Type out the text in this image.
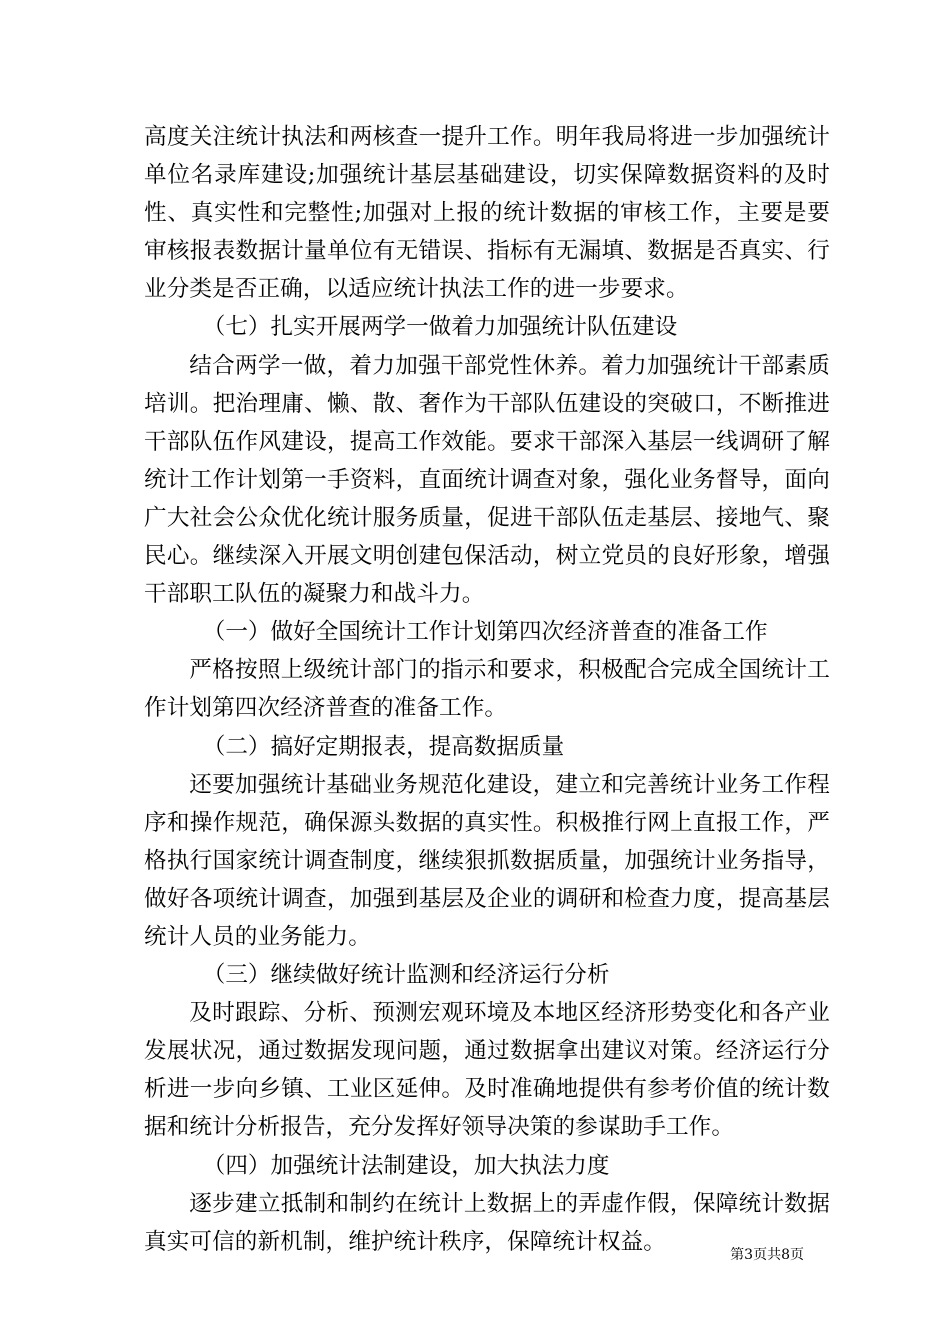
高度关注统计执法和两核查一提升工作。明年我局将进一步加强统计单位名录库建设;加强统计基层基础建设，切实保障数据资料的及时性、真实性和完整性;加强对上报的统计数据的审核工作，主要是要审核报表数据计量单位有无错误、指标有无漏填、数据是否真实、行业分类是否正确，以适应统计执法工作的进一步要求。

（七）扎实开展两学一做着力加强统计队伍建设

结合两学一做，着力加强干部党性休养。着力加强统计干部素质培训。把治理庸、懒、散、奢作为干部队伍建设的突破口，不断推进干部队伍作风建设，提高工作效能。要求干部深入基层一线调研了解统计工作计划第一手资料，直面统计调查对象，强化业务督导，面向广大社会公众优化统计服务质量，促进干部队伍走基层、接地气、聚民心。继续深入开展文明创建包保活动，树立党员的良好形象，增强干部职工队伍的凝聚力和战斗力。

（一）做好全国统计工作计划第四次经济普查的准备工作

严格按照上级统计部门的指示和要求，积极配合完成全国统计工作计划第四次经济普查的准备工作。

（二）搞好定期报表，提高数据质量

还要加强统计基础业务规范化建设，建立和完善统计业务工作程序和操作规范，确保源头数据的真实性。积极推行网上直报工作，严格执行国家统计调查制度，继续狠抓数据质量，加强统计业务指导，做好各项统计调查，加强到基层及企业的调研和检查力度，提高基层统计人员的业务能力。

（三）继续做好统计监测和经济运行分析

及时跟踪、分析、预测宏观环境及本地区经济形势变化和各产业发展状况，通过数据发现问题，通过数据拿出建议对策。经济运行分析进一步向乡镇、工业区延伸。及时准确地提供有参考价值的统计数据和统计分析报告，充分发挥好领导决策的参谋助手工作。

（四）加强统计法制建设，加大执法力度

逐步建立抵制和制约在统计上数据上的弄虚作假，保障统计数据真实可信的新机制，维护统计秩序，保障统计权益。

第3页共8页
